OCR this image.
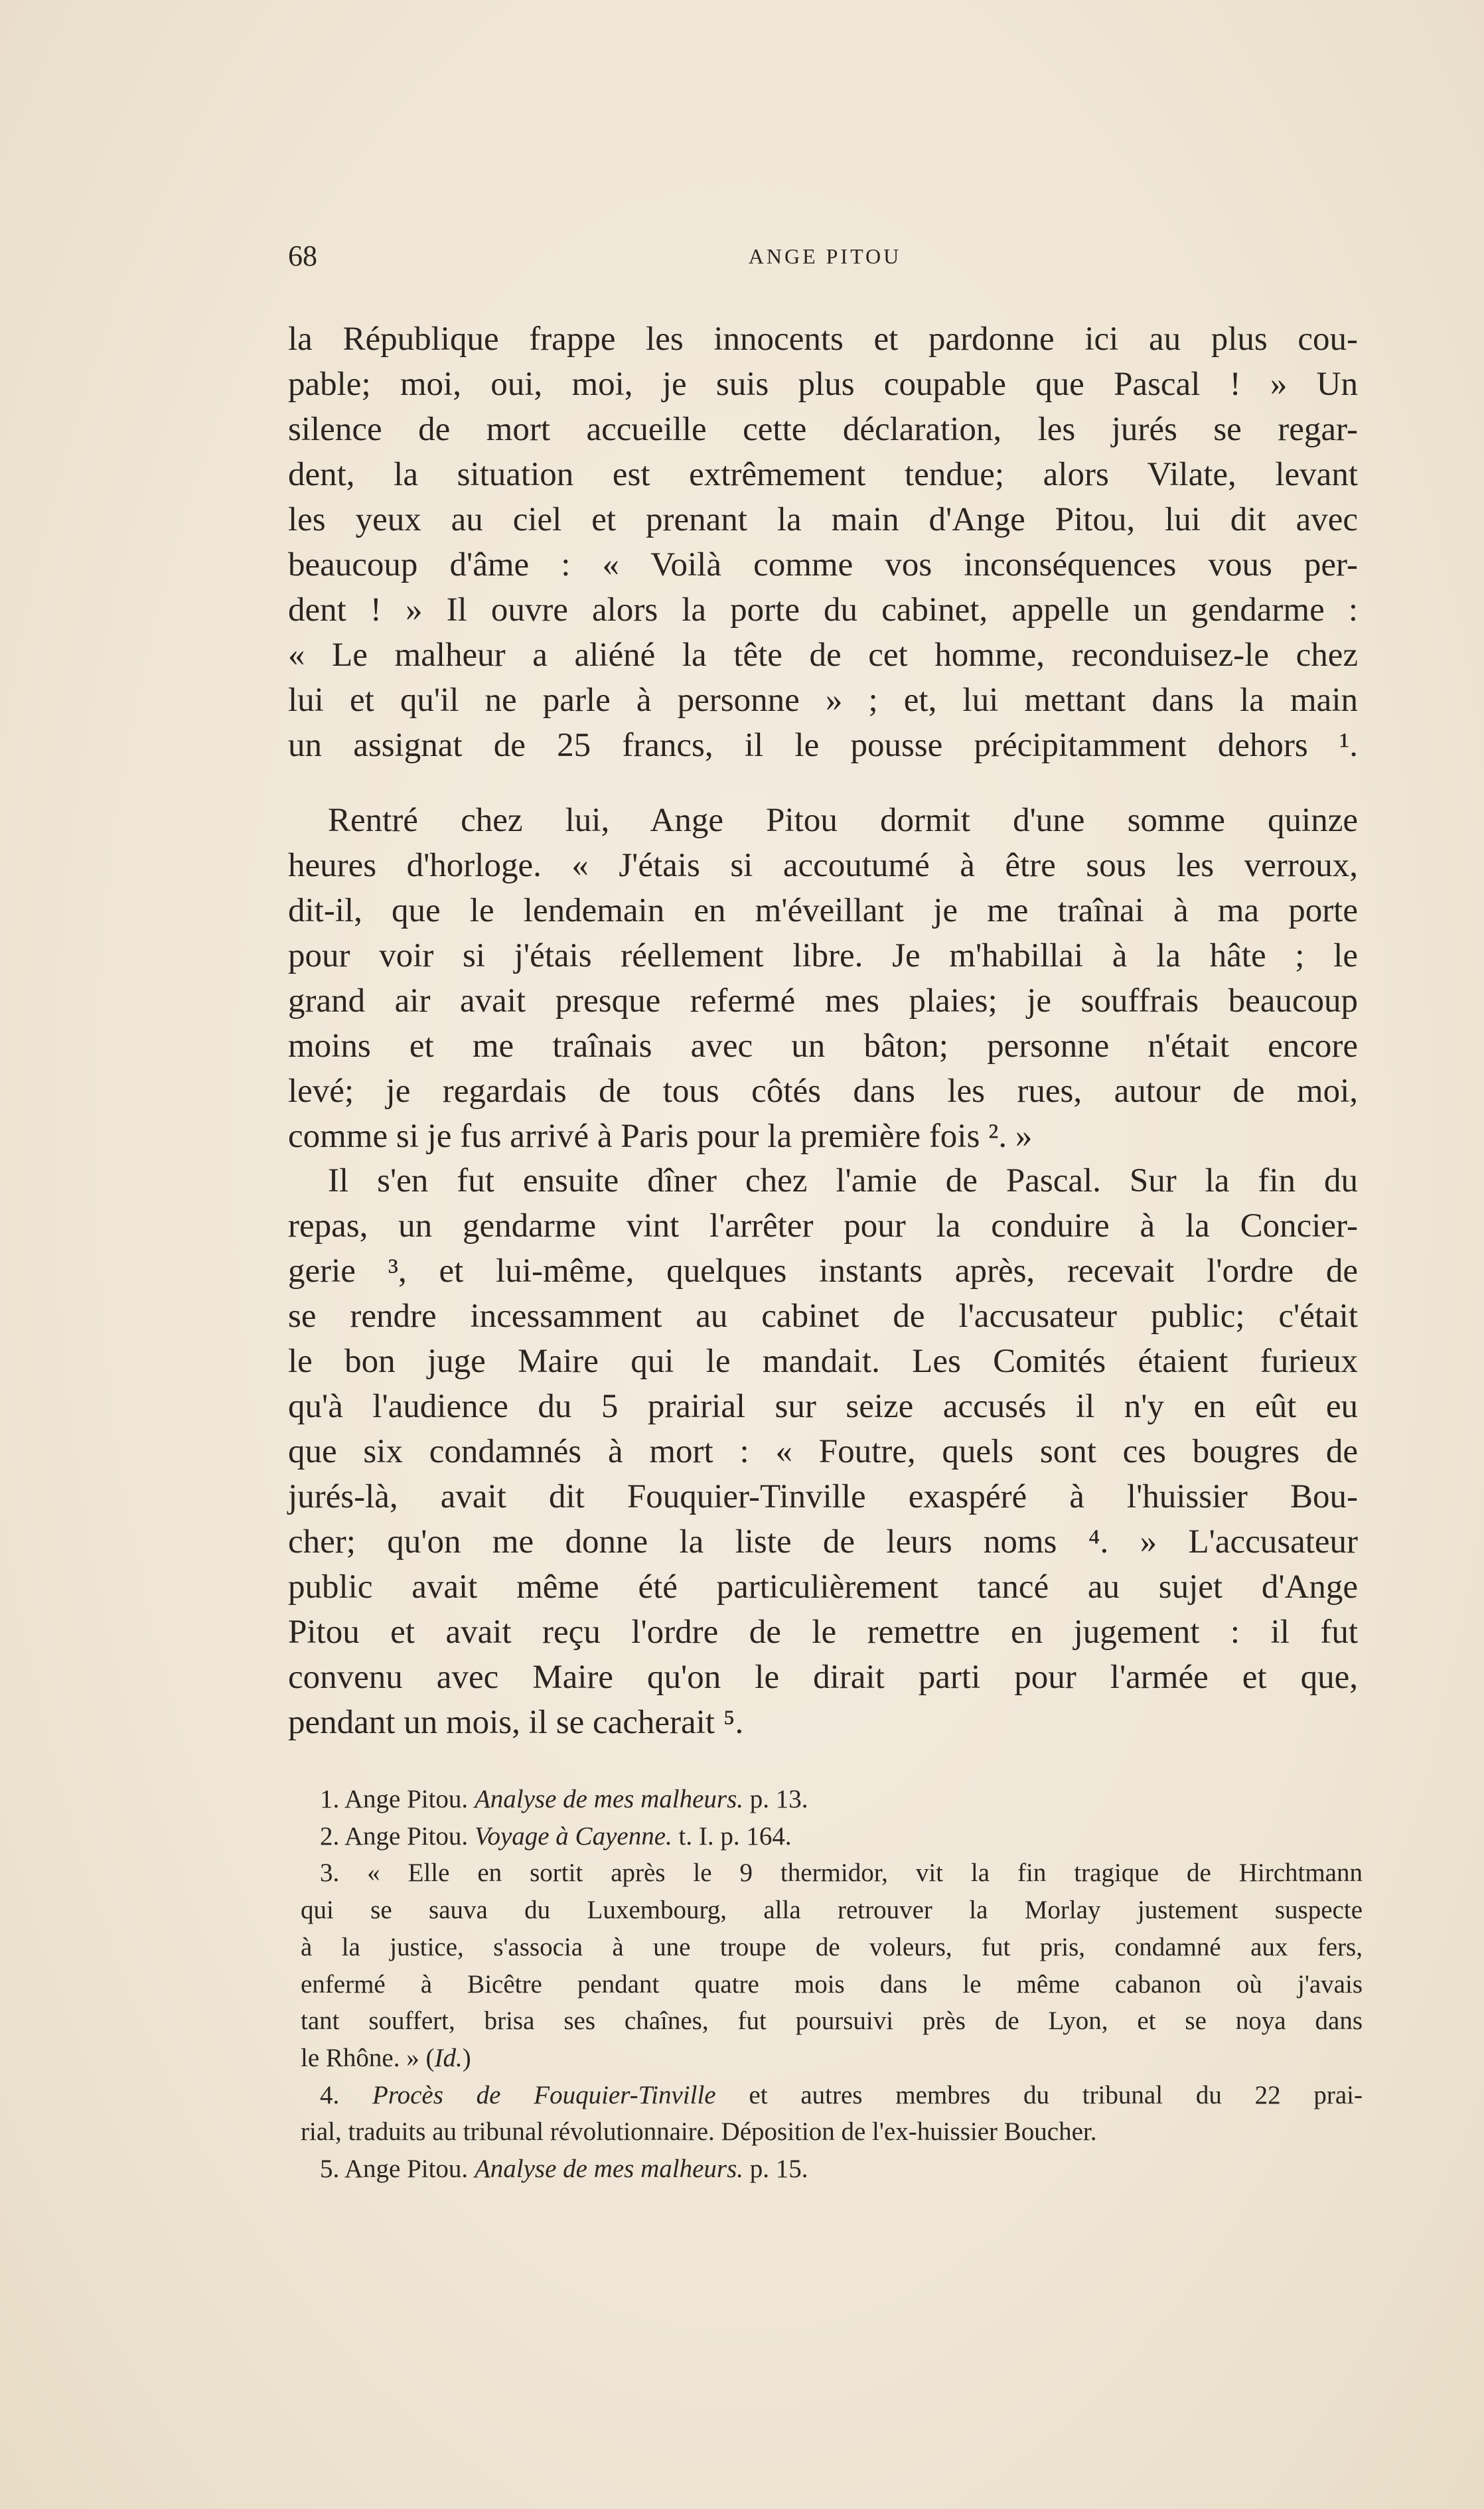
68	ANGE PITOU
la République frappe les innocents et pardonne ici au plus cou-
pable; moi, oui, moi, je suis plus coupable que Pascal ! » Un
silence de mort accueille cette déclaration, les jurés se regar-
dent, la situation est extrêmement tendue; alors Vilate, levant
les yeux au ciel et prenant la main d'Ange Pitou, lui dit avec
beaucoup d'âme : « Voilà comme vos inconséquences vous per-
dent ! » Il ouvre alors la porte du cabinet, appelle un gendarme :
« Le malheur a aliéné la tête de cet homme, reconduisez-le chez
lui et qu'il ne parle à personne » ; et, lui mettant dans la main
un assignat de 25 francs, il le pousse précipitamment dehors ¹.
Rentré chez lui, Ange Pitou dormit d'une somme quinze
heures d'horloge. « J'étais si accoutumé à être sous les verroux,
dit-il, que le lendemain en m'éveillant je me traînai à ma porte
pour voir si j'étais réellement libre. Je m'habillai à la hâte ; le
grand air avait presque refermé mes plaies; je souffrais beaucoup
moins et me traînais avec un bâton; personne n'était encore
levé; je regardais de tous côtés dans les rues, autour de moi,
comme si je fus arrivé à Paris pour la première fois ². »
Il s'en fut ensuite dîner chez l'amie de Pascal. Sur la fin du
repas, un gendarme vint l'arrêter pour la conduire à la Concier-
gerie ³, et lui-même, quelques instants après, recevait l'ordre de
se rendre incessamment au cabinet de l'accusateur public; c'était
le bon juge Maire qui le mandait. Les Comités étaient furieux
qu'à l'audience du 5 prairial sur seize accusés il n'y en eût eu
que six condamnés à mort : « Foutre, quels sont ces bougres de
jurés-là, avait dit Fouquier-Tinville exaspéré à l'huissier Bou-
cher; qu'on me donne la liste de leurs noms ⁴. » L'accusateur
public avait même été particulièrement tancé au sujet d'Ange
Pitou et avait reçu l'ordre de le remettre en jugement : il fut
convenu avec Maire qu'on le dirait parti pour l'armée et que,
pendant un mois, il se cacherait ⁵.
1. Ange Pitou. Analyse de mes malheurs. p. 13.
2. Ange Pitou. Voyage à Cayenne. t. I. p. 164.
3. « Elle en sortit après le 9 thermidor, vit la fin tragique de Hirchtmann
qui se sauva du Luxembourg, alla retrouver la Morlay justement suspecte
à la justice, s'associa à une troupe de voleurs, fut pris, condamné aux fers,
enfermé à Bicêtre pendant quatre mois dans le même cabanon où j'avais
tant souffert, brisa ses chaînes, fut poursuivi près de Lyon, et se noya dans
le Rhône. » (Id.)
4. Procès de Fouquier-Tinville et autres membres du tribunal du 22 prai-
rial, traduits au tribunal révolutionnaire. Déposition de l'ex-huissier Boucher.
5. Ange Pitou. Analyse de mes malheurs. p. 15.
